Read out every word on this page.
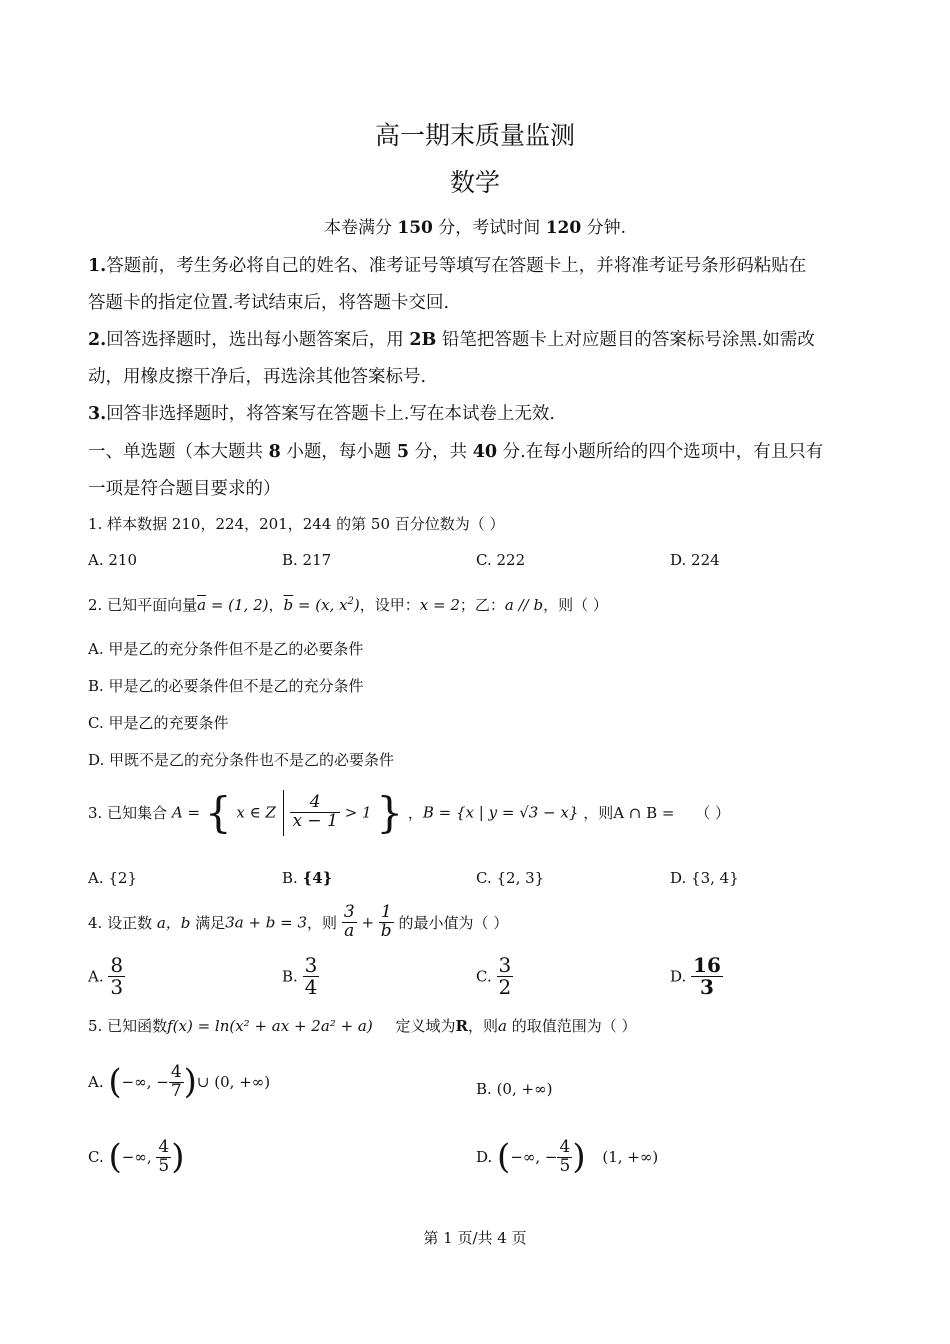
高一期末质量监测
数学
本卷满分 150 分，考试时间 120 分钟.
1.答题前，考生务必将自己的姓名、准考证号等填写在答题卡上，并将准考证号条形码粘贴在
答题卡的指定位置.考试结束后，将答题卡交回.
2.回答选择题时，选出每小题答案后，用 2B 铅笔把答题卡上对应题目的答案标号涂黑.如需改
动，用橡皮擦干净后，再选涂其他答案标号.
3.回答非选择题时，将答案写在答题卡上.写在本试卷上无效.
一、单选题（本大题共 8 小题，每小题 5 分，共 40 分.在每小题所给的四个选项中，有且只有
一项是符合题目要求的）
1. 样本数据 210，224，201，244 的第 50 百分位数为（ ）
A. 210	B. 217	C. 222	D. 224
2. 已知平面向量$\overline{a} = (1$, 2)，$\overline{b} = (x$, $x^2$)，设甲：x = 2；乙：a // b，则（ ）
A. 甲是乙的充分条件但不是乙的必要条件
B. 甲是乙的必要条件但不是乙的充分条件
C. 甲是乙的充要条件
D. 甲既不是乙的充分条件也不是乙的必要条件
3. 已知集合 A = { x ∈ Z $\frac{4}{x - 1} > 1$ } ，B = {x | y = √3 − x} ，则A ∩ B = （ ）
A. {2}	B. {4}	C. {2, 3}	D. {3, 4}
4. 设正数 a，b 满足3a + b = 3，则 $\frac{3}{a} + \frac{1}{b}$ 的最小值为（ ）
A. $\frac{8}{3}$	B. $\frac{3}{4}$	C. $\frac{3}{2}$	D. $\frac{16}{3}$
5. 已知函数f(x) = ln(x² + ax + 2a² + a) 定义域为R，则a 的取值范围为（ ）
A. (−∞, − $\frac{4}{7}$ )∪ (0, +∞)	B. (0, +∞)
C. (−∞, $\frac{4}{5}$ )	D. (−∞, − $\frac{4}{5}$ ) (1, +∞)
第 1 页/共 4 页
